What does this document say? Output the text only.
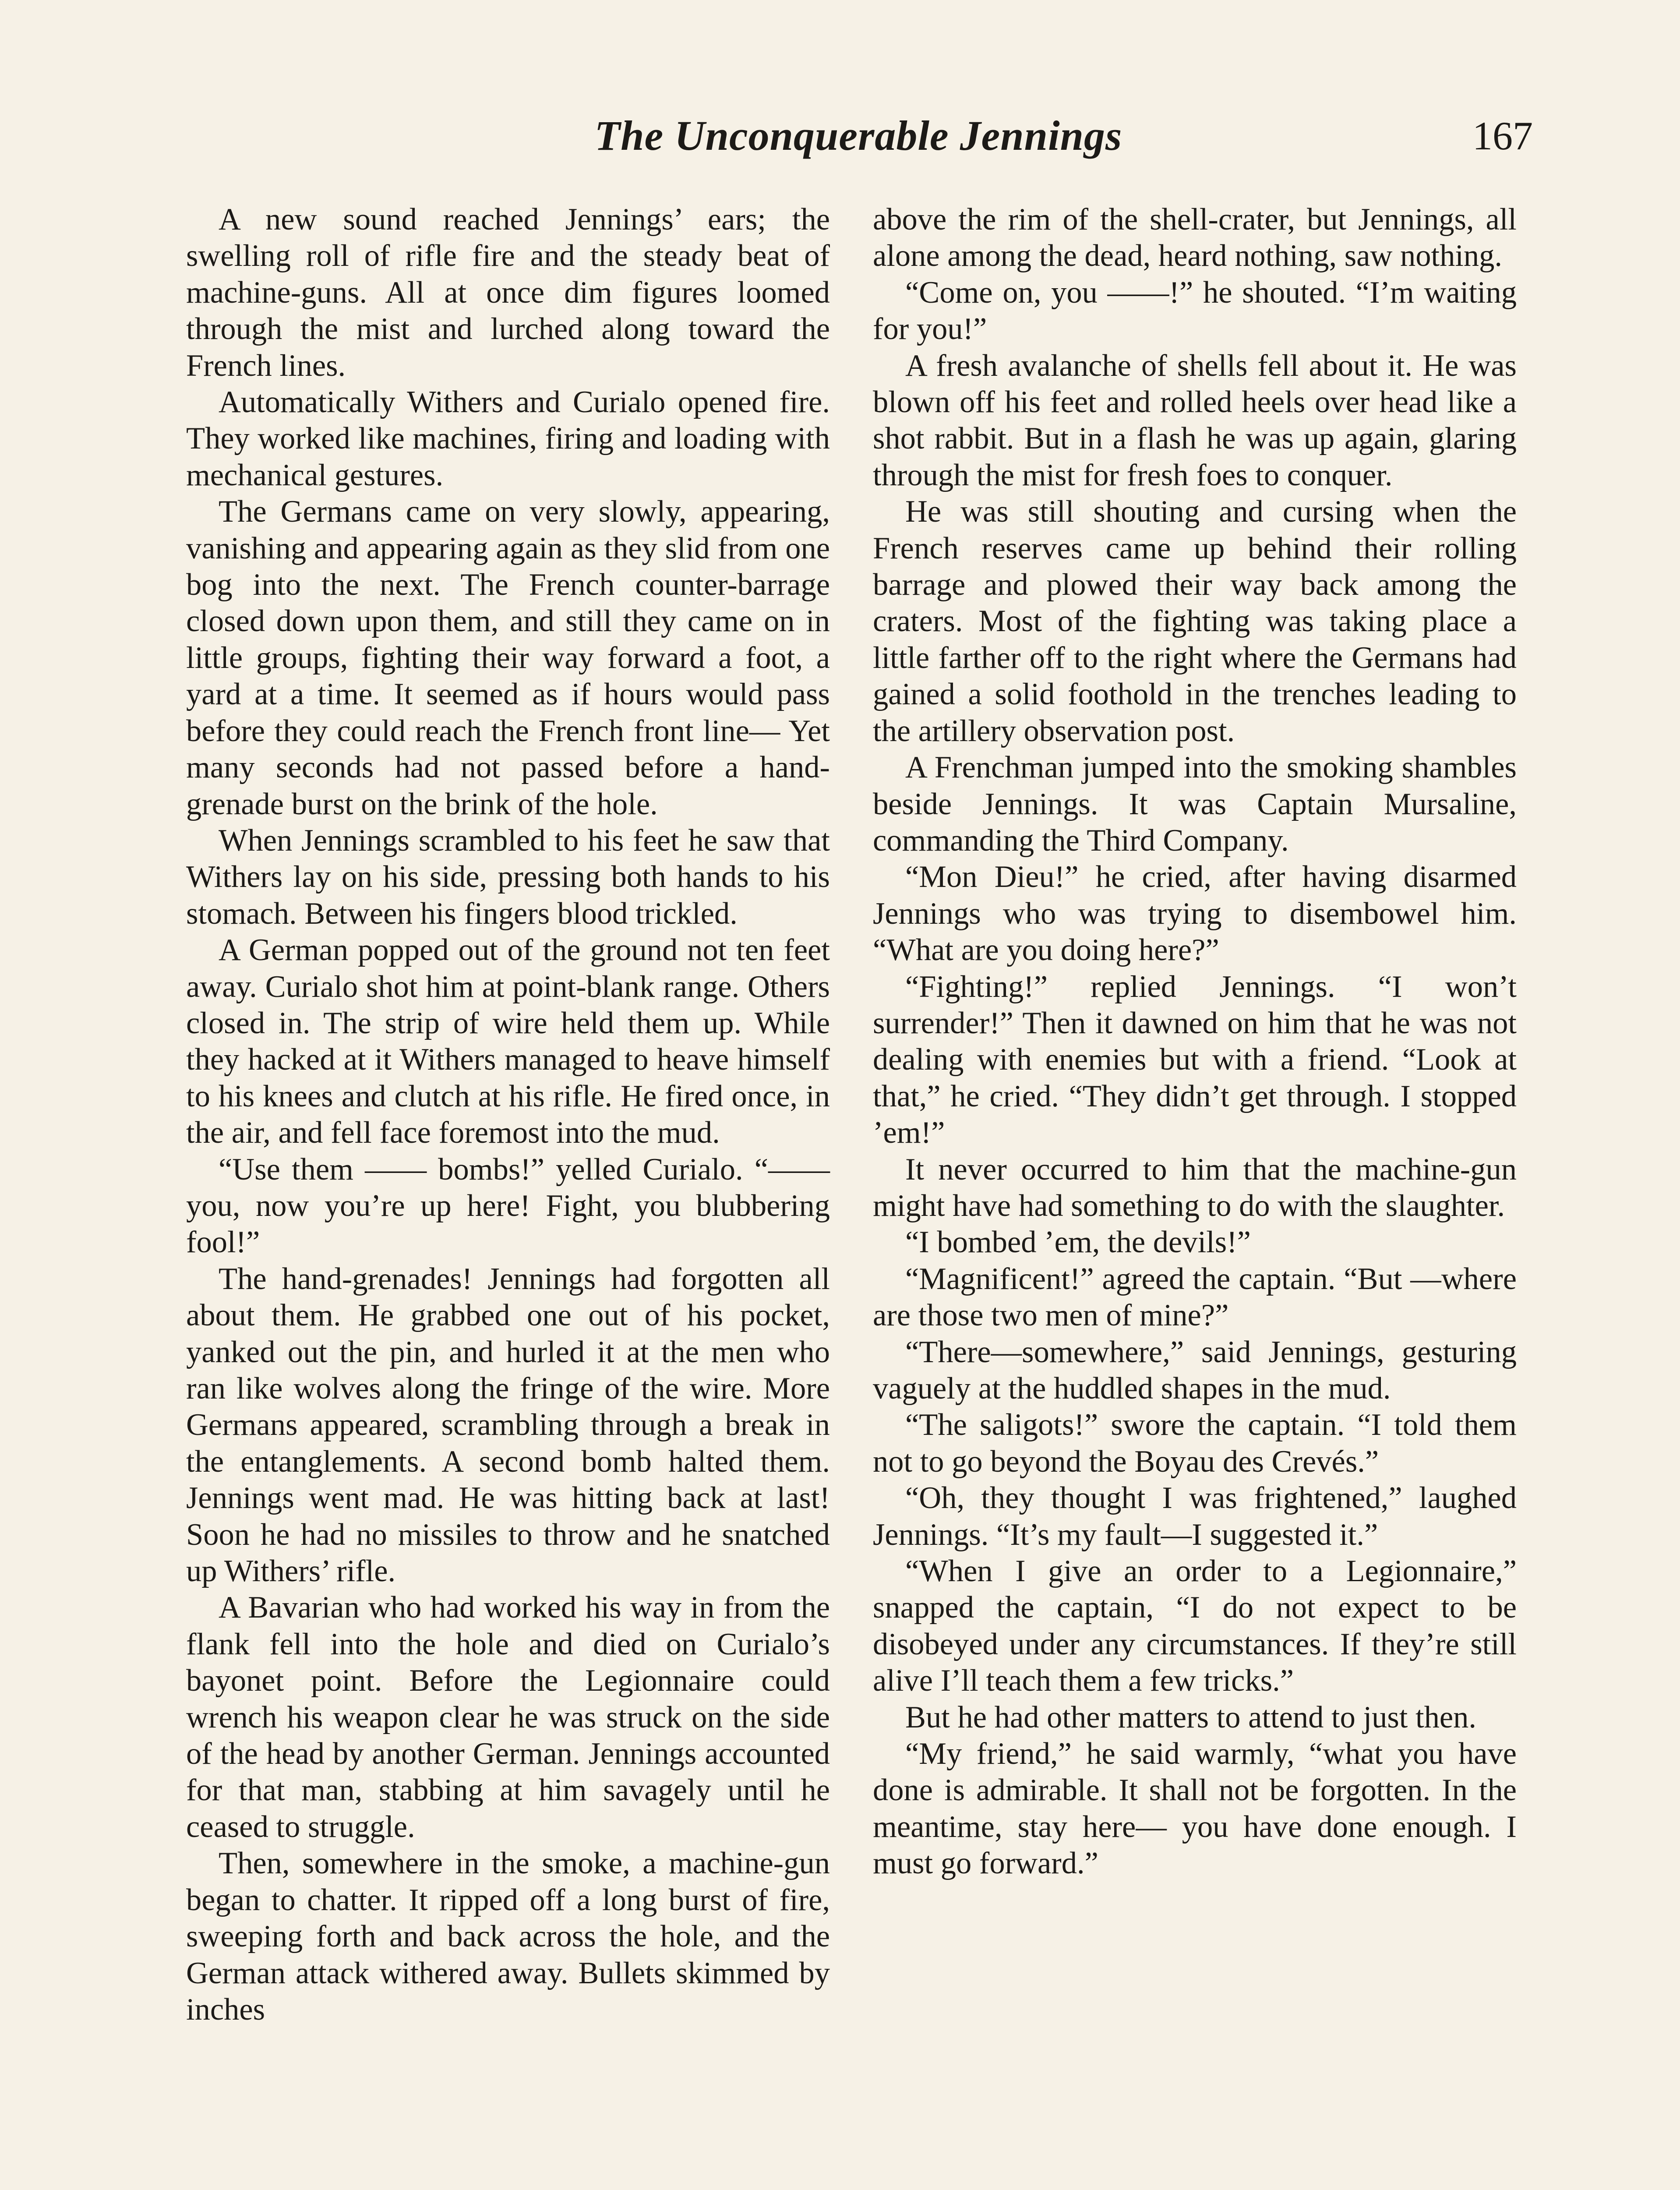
The Unconquerable Jennings	167

A new sound reached Jennings’ ears; the swelling roll of rifle fire and the steady beat of machine-guns. All at once dim figures loomed through the mist and lurched along toward the French lines.

Automatically Withers and Curialo opened fire. They worked like machines, firing and loading with mechanical gestures.

The Germans came on very slowly, appearing, vanishing and appearing again as they slid from one bog into the next. The French counter-barrage closed down upon them, and still they came on in little groups, fighting their way forward a foot, a yard at a time. It seemed as if hours would pass before they could reach the French front line— Yet many seconds had not passed before a hand-grenade burst on the brink of the hole.

When Jennings scrambled to his feet he saw that Withers lay on his side, pressing both hands to his stomach. Between his fingers blood trickled.

A German popped out of the ground not ten feet away. Curialo shot him at point-blank range. Others closed in. The strip of wire held them up. While they hacked at it Withers managed to heave himself to his knees and clutch at his rifle. He fired once, in the air, and fell face foremost into the mud.

“Use them —— bombs!” yelled Curialo. “—— you, now you’re up here! Fight, you blubbering fool!”

The hand-grenades! Jennings had forgotten all about them. He grabbed one out of his pocket, yanked out the pin, and hurled it at the men who ran like wolves along the fringe of the wire. More Germans appeared, scrambling through a break in the entanglements. A second bomb halted them. Jennings went mad. He was hitting back at last! Soon he had no missiles to throw and he snatched up Withers’ rifle.

A Bavarian who had worked his way in from the flank fell into the hole and died on Curialo’s bayonet point. Before the Legionnaire could wrench his weapon clear he was struck on the side of the head by another German. Jennings accounted for that man, stabbing at him savagely until he ceased to struggle.

Then, somewhere in the smoke, a machine-gun began to chatter. It ripped off a long burst of fire, sweeping forth and back across the hole, and the German attack withered away. Bullets skimmed by inches

above the rim of the shell-crater, but Jennings, all alone among the dead, heard nothing, saw nothing.

“Come on, you ——!” he shouted. “I’m waiting for you!”

A fresh avalanche of shells fell about it. He was blown off his feet and rolled heels over head like a shot rabbit. But in a flash he was up again, glaring through the mist for fresh foes to conquer.

He was still shouting and cursing when the French reserves came up behind their rolling barrage and plowed their way back among the craters. Most of the fighting was taking place a little farther off to the right where the Germans had gained a solid foothold in the trenches leading to the artillery observation post.

A Frenchman jumped into the smoking shambles beside Jennings. It was Captain Mursaline, commanding the Third Company.

“Mon Dieu!” he cried, after having disarmed Jennings who was trying to disembowel him. “What are you doing here?”

“Fighting!” replied Jennings. “I won’t surrender!” Then it dawned on him that he was not dealing with enemies but with a friend. “Look at that,” he cried. “They didn’t get through. I stopped ’em!”

It never occurred to him that the machine-gun might have had something to do with the slaughter.

“I bombed ’em, the devils!”

“Magnificent!” agreed the captain. “But —where are those two men of mine?”

“There—somewhere,” said Jennings, gesturing vaguely at the huddled shapes in the mud.

“The saligots!” swore the captain. “I told them not to go beyond the Boyau des Crevés.”

“Oh, they thought I was frightened,” laughed Jennings. “It’s my fault—I suggested it.”

“When I give an order to a Legionnaire,” snapped the captain, “I do not expect to be disobeyed under any circumstances. If they’re still alive I’ll teach them a few tricks.”

But he had other matters to attend to just then.

“My friend,” he said warmly, “what you have done is admirable. It shall not be forgotten. In the meantime, stay here— you have done enough. I must go forward.”
